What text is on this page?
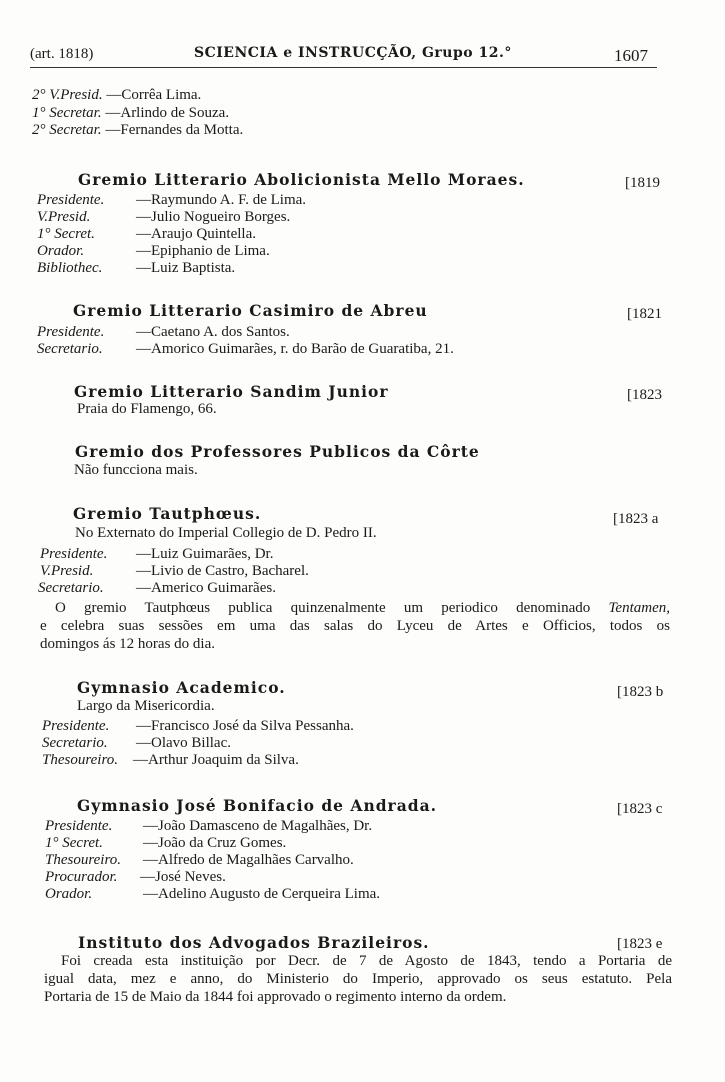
(art. 1818)	SCIENCIA e INSTRUCÇÃO, Grupo 12.°	1607
2° V.Presid. —Corrêa Lima.
1° Secretar. —Arlindo de Souza.
2° Secretar. —Fernandes da Motta.
Gremio Litterario Abolicionista Mello Moraes.	[1819
Presidente. —Raymundo A. F. de Lima.
V.Presid.	—Julio Nogueiro Borges.
1° Secret.	—Araujo Quintella.
Orador.	—Epiphanio de Lima.
Bibliothec. —Luiz Baptista.
Gremio Litterario Casimiro de Abreu	[1821
Presidente. —Caetano A. dos Santos.
Secretario. —Amorico Guimarães, r. do Barão de Guaratiba, 21.
Gremio Litterario Sandim Junior	[1823
Praia do Flamengo, 66.
Gremio dos Professores Publicos da Côrte
Não funcciona mais.
Gremio Tautphœus.	[1823 a
No Externato do Imperial Collegio de D. Pedro II.
Presidente. —Luiz Guimarães, Dr.
V.Presid.	—Livio de Castro, Bacharel.
Secretario. —Americo Guimarães.
O gremio Tautphœus publica quinzenalmente um periodico denominado Tentamen,
e celebra suas sessões em uma das salas do Lyceu de Artes e Officios, todos os
domingos ás 12 horas do dia.
Gymnasio Academico.	[1823 b
Largo da Misericordia.
Presidente. —Francisco José da Silva Pessanha.
Secretario. —Olavo Billac.
Thesoureiro. —Arthur Joaquim da Silva.
Gymnasio José Bonifacio de Andrada.	[1823 c
Presidente. —João Damasceno de Magalhães, Dr.
1° Secret.	—João da Cruz Gomes.
Thesoureiro. —Alfredo de Magalhães Carvalho.
Procurador. —José Neves.
Orador.	—Adelino Augusto de Cerqueira Lima.
Instituto dos Advogados Brazileiros.	[1823 e
Foi creada esta instituição por Decr. de 7 de Agosto de 1843, tendo a Portaria de
igual data, mez e anno, do Ministerio do Imperio, approvado os seus estatuto. Pela
Portaria de 15 de Maio da 1844 foi approvado o regimento interno da ordem.
